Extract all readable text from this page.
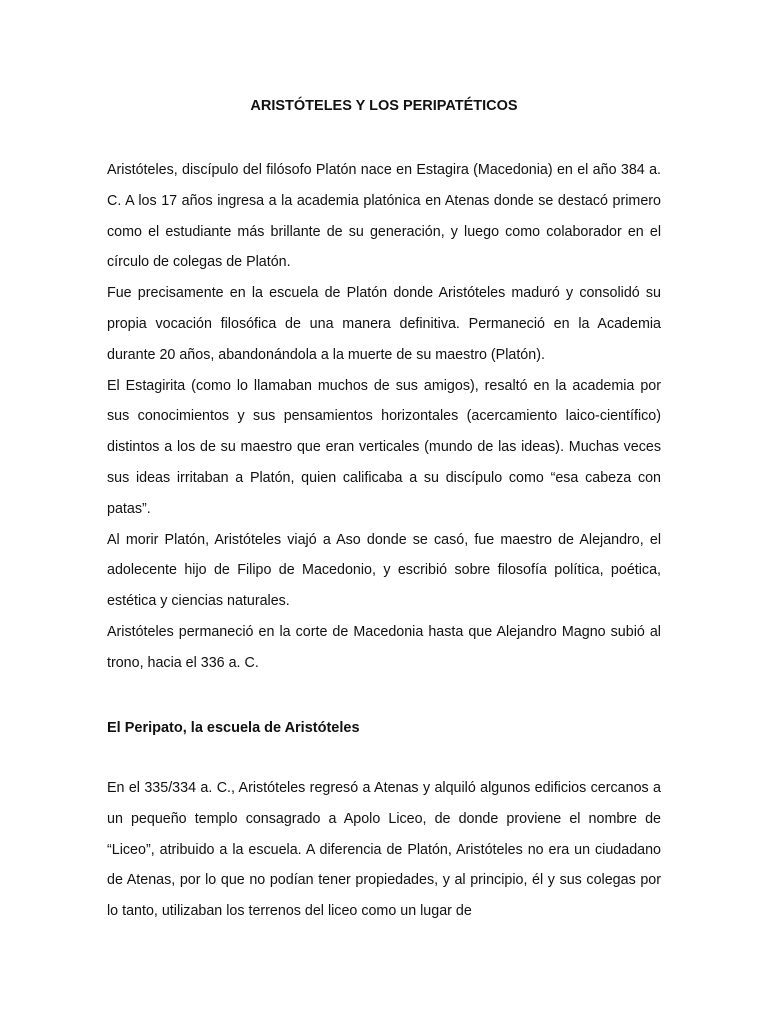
ARISTÓTELES Y LOS PERIPATÉTICOS

Aristóteles, discípulo del filósofo Platón nace en Estagira (Macedonia) en el año 384 a. C. A los 17 años ingresa a la academia platónica en Atenas donde se destacó primero como el estudiante más brillante de su generación, y luego como colaborador en el círculo de colegas de Platón.

Fue precisamente en la escuela de Platón donde Aristóteles maduró y consolidó su propia vocación filosófica de una manera definitiva. Permaneció en la Academia durante 20 años, abandonándola a la muerte de su maestro (Platón).

El Estagirita (como lo llamaban muchos de sus amigos), resaltó en la academia por sus conocimientos y sus pensamientos horizontales (acercamiento laico-científico) distintos a los de su maestro que eran verticales (mundo de las ideas). Muchas veces sus ideas irritaban a Platón, quien calificaba a su discípulo como “esa cabeza con patas”.

Al morir Platón, Aristóteles viajó a Aso donde se casó, fue maestro de Alejandro, el adolecente hijo de Filipo de Macedonio, y escribió sobre filosofía política, poética, estética y ciencias naturales.

Aristóteles permaneció en la corte de Macedonia hasta que Alejandro Magno subió al trono, hacia el 336 a. C.

El Peripato, la escuela de Aristóteles

En el 335/334 a. C., Aristóteles regresó a Atenas y alquiló algunos edificios cercanos a un pequeño templo consagrado a Apolo Liceo, de donde proviene el nombre de “Liceo”, atribuido a la escuela. A diferencia de Platón, Aristóteles no era un ciudadano de Atenas, por lo que no podían tener propiedades, y al principio, él y sus colegas por lo tanto, utilizaban los terrenos del liceo como un lugar de
